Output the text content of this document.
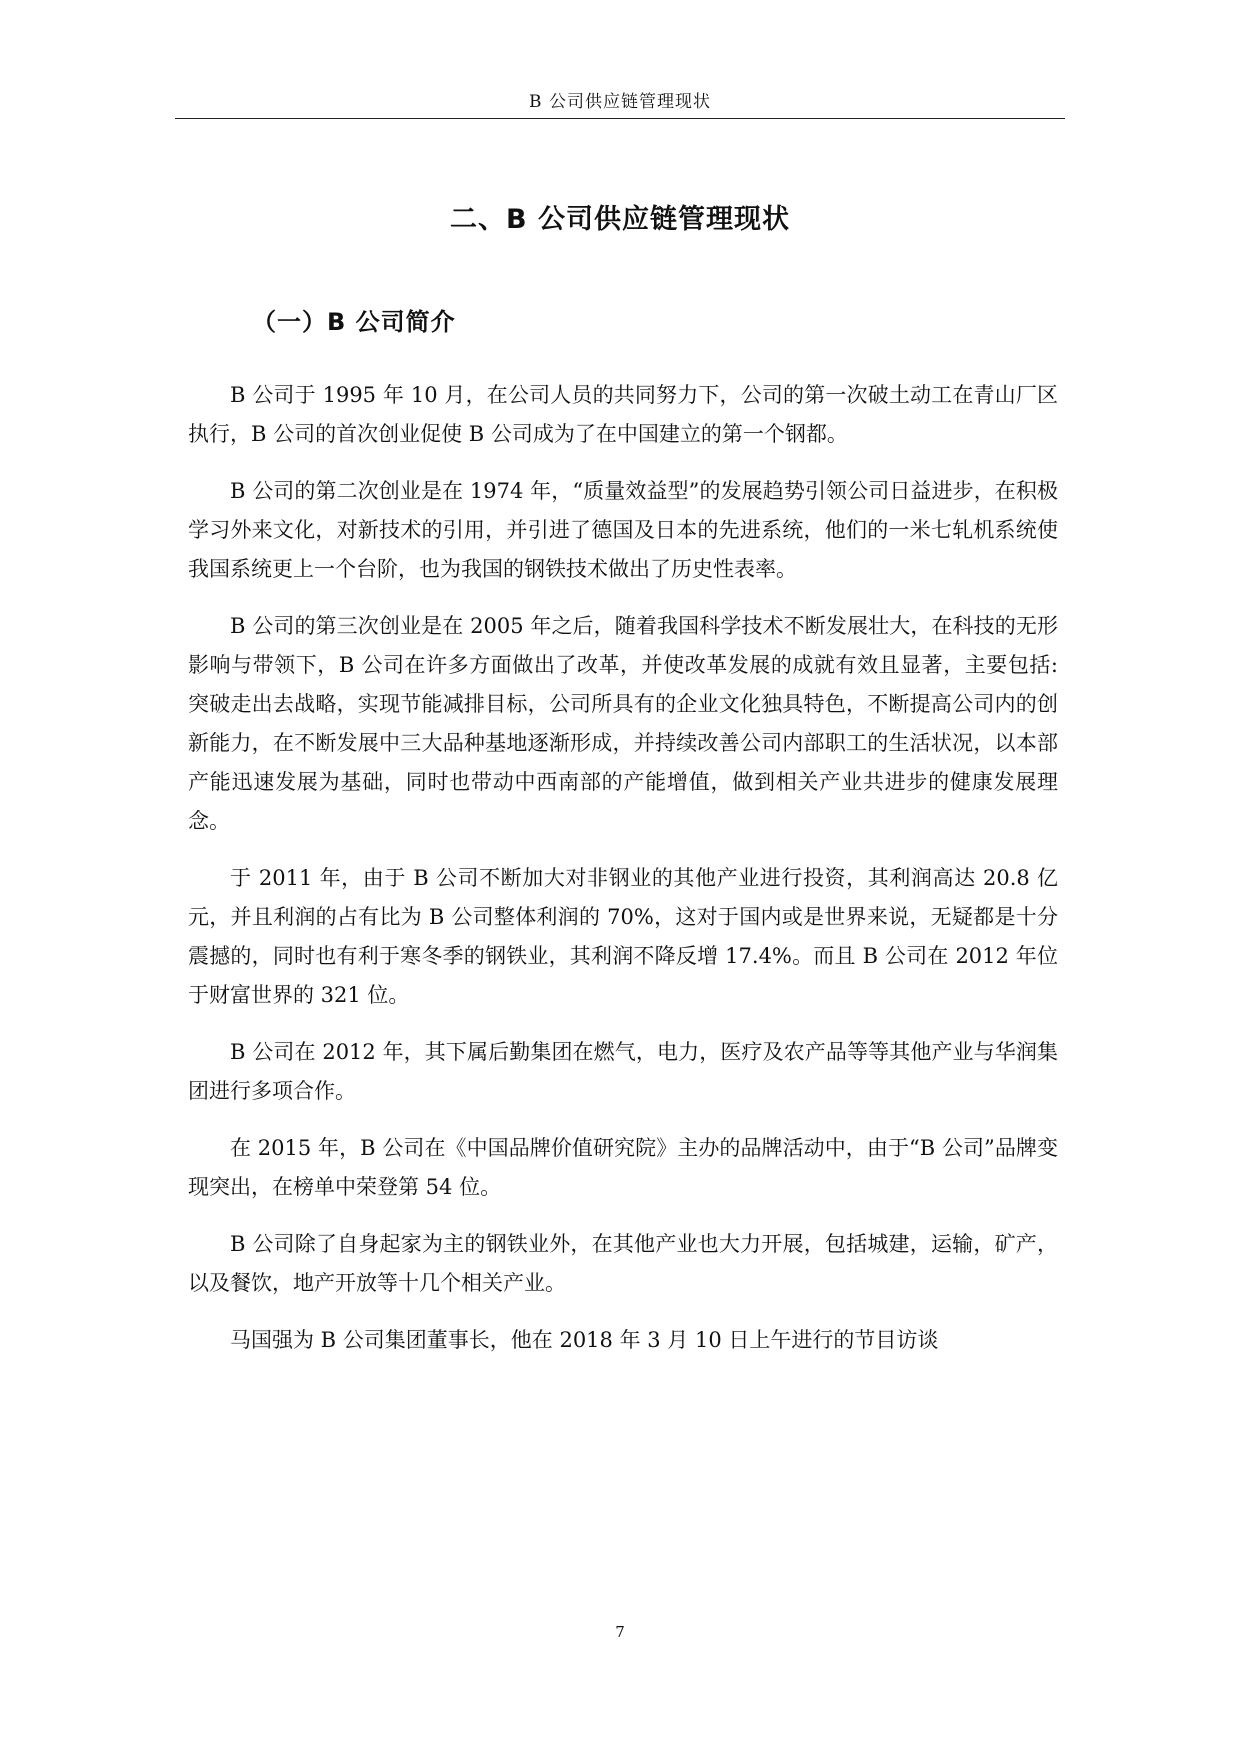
B 公司供应链管理现状
二、B 公司供应链管理现状
（一）B 公司简介

B 公司于 1995 年 10 月，在公司人员的共同努力下，公司的第一次破土动工在青山厂区执行，B 公司的首次创业促使 B 公司成为了在中国建立的第一个钢都。

B 公司的第二次创业是在 1974 年，“质量效益型”的发展趋势引领公司日益进步，在积极学习外来文化，对新技术的引用，并引进了德国及日本的先进系统，他们的一米七轧机系统使我国系统更上一个台阶，也为我国的钢铁技术做出了历史性表率。

B 公司的第三次创业是在 2005 年之后，随着我国科学技术不断发展壮大，在科技的无形影响与带领下，B 公司在许多方面做出了改革，并使改革发展的成就有效且显著，主要包括: 突破走出去战略，实现节能减排目标，公司所具有的企业文化独具特色，不断提高公司内的创新能力，在不断发展中三大品种基地逐渐形成，并持续改善公司内部职工的生活状况，以本部产能迅速发展为基础，同时也带动中西南部的产能增值，做到相关产业共进步的健康发展理念。

于 2011 年，由于 B 公司不断加大对非钢业的其他产业进行投资，其利润高达 20.8 亿元，并且利润的占有比为 B 公司整体利润的 70%，这对于国内或是世界来说，无疑都是十分震撼的，同时也有利于寒冬季的钢铁业，其利润不降反增 17.4%。而且 B 公司在 2012 年位于财富世界的 321 位。

B 公司在 2012 年，其下属后勤集团在燃气，电力，医疗及农产品等等其他产业与华润集团进行多项合作。

在 2015 年，B 公司在《中国品牌价值研究院》主办的品牌活动中，由于“B 公司”品牌变现突出，在榜单中荣登第 54 位。

B 公司除了自身起家为主的钢铁业外，在其他产业也大力开展，包括城建，运输，矿产，以及餐饮，地产开放等十几个相关产业。

马国强为 B 公司集团董事长，他在 2018 年 3 月 10 日上午进行的节目访谈

7
